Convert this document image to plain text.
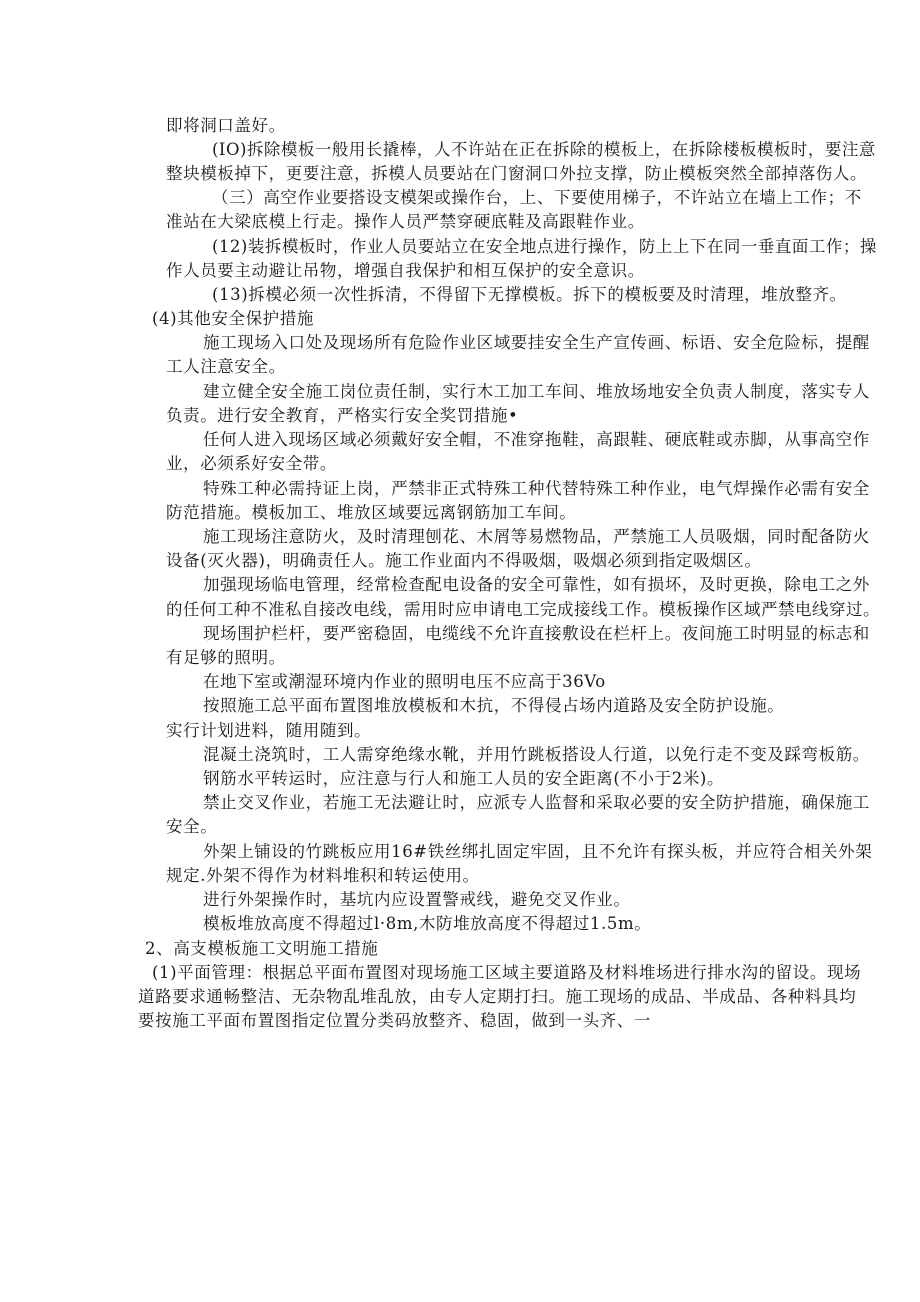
即将洞口盖好。
(IO)拆除模板一般用长撬棒，人不许站在正在拆除的模板上，在拆除楼板模板时，要注意
整块模板掉下，更要注意，拆模人员要站在门窗洞口外拉支撑，防止模板突然全部掉落伤人。
（三）高空作业要搭设支模架或操作台，上、下要使用梯子，不许站立在墙上工作；不
准站在大梁底模上行走。操作人员严禁穿硬底鞋及高跟鞋作业。
(12)装拆模板时，作业人员要站立在安全地点进行操作，防上上下在同一垂直面工作；操
作人员要主动避让吊物，增强自我保护和相互保护的安全意识。
(13)拆模必须一次性拆清，不得留下无撑模板。拆下的模板要及时清理，堆放整齐。
(4)其他安全保护措施
施工现场入口处及现场所有危险作业区域要挂安全生产宣传画、标语、安全危险标，提醒
工人注意安全。
建立健全安全施工岗位责任制，实行木工加工车间、堆放场地安全负责人制度，落实专人
负责。进行安全教育，严格实行安全奖罚措施•
任何人进入现场区域必须戴好安全帽，不准穿拖鞋，高跟鞋、硬底鞋或赤脚，从事高空作
业，必须系好安全带。
特殊工种必需持证上岗，严禁非正式特殊工种代替特殊工种作业，电气焊操作必需有安全
防范措施。模板加工、堆放区域要远离钢筋加工车间。
施工现场注意防火，及时清理刨花、木屑等易燃物品，严禁施工人员吸烟，同时配备防火
设备(灭火器)，明确责任人。施工作业面内不得吸烟，吸烟必须到指定吸烟区。
加强现场临电管理，经常检查配电设备的安全可靠性，如有损坏，及时更换，除电工之外
的任何工种不准私自接改电线，需用时应申请电工完成接线工作。模板操作区域严禁电线穿过。
现场围护栏杆，要严密稳固，电缆线不允许直接敷设在栏杆上。夜间施工时明显的标志和
有足够的照明。
在地下室或潮湿环境内作业的照明电压不应高于36Vo
按照施工总平面布置图堆放模板和木抗，不得侵占场内道路及安全防护设施。
实行计划进料，随用随到。
混凝土浇筑时，工人需穿绝缘水靴，并用竹跳板搭设人行道，以免行走不变及踩弯板筋。
钢筋水平转运时，应注意与行人和施工人员的安全距离(不小于2米)。
禁止交叉作业，若施工无法避让时，应派专人监督和采取必要的安全防护措施，确保施工
安全。
外架上铺设的竹跳板应用16#铁丝绑扎固定牢固，且不允许有探头板，并应符合相关外架
规定.外架不得作为材料堆积和转运使用。
进行外架操作时，基坑内应设置警戒线，避免交叉作业。
模板堆放高度不得超过l·8m,木防堆放高度不得超过1.5m。
2、高支模板施工文明施工措施
(1)平面管理：根据总平面布置图对现场施工区域主要道路及材料堆场进行排水沟的留设。现场
道路要求通畅整洁、无杂物乱堆乱放，由专人定期打扫。施工现场的成品、半成品、各种料具均
要按施工平面布置图指定位置分类码放整齐、稳固，做到一头齐、一
